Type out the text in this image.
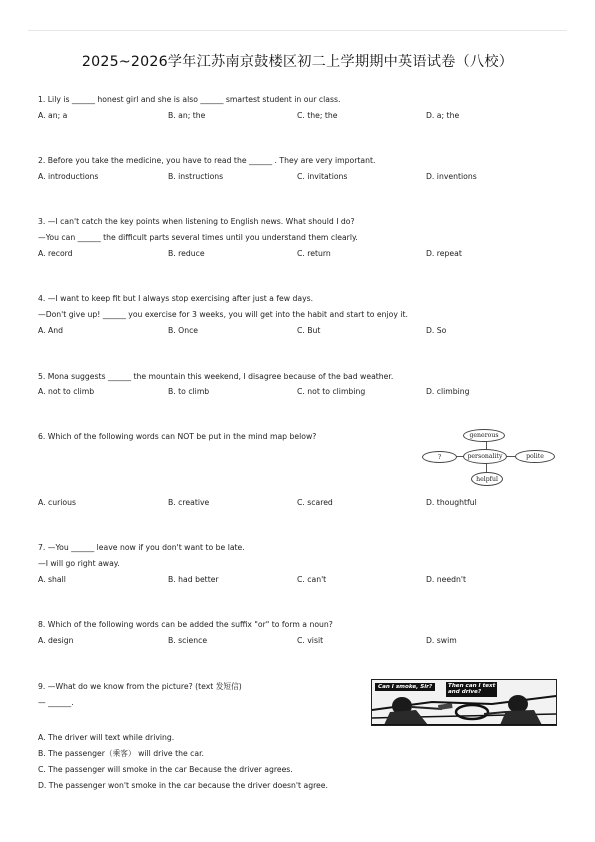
2025~2026学年江苏南京鼓楼区初二上学期期中英语试卷（八校）
1. Lily is ______ honest girl and she is also ______ smartest student in our class.
A. an; a	B. an; the	C. the; the	D. a; the
2. Before you take the medicine, you have to read the ______ . They are very important.
A. introductions	B. instructions	C. invitations	D. inventions
3. —I can't catch the key points when listening to English news. What should I do?
—You can ______ the difficult parts several times until you understand them clearly.
A. record	B. reduce	C. return	D. repeat
4. —I want to keep fit but I always stop exercising after just a few days.
—Don't give up! ______ you exercise for 3 weeks, you will get into the habit and start to enjoy it.
A. And	B. Once	C. But	D. So
5. Mona suggests ______ the mountain this weekend, I disagree because of the bad weather.
A. not to climb	B. to climb	C. not to climbing	D. climbing
6. Which of the following words can NOT be put in the mind map below?	generous
personality	polite
helpful
?
A. curious	B. creative	C. scared	D. thoughtful
7. —You ______ leave now if you don't want to be late.
—I will go right away.
A. shall	B. had better	C. can't	D. needn't
8. Which of the following words can be added the suffix "or" to form a noun?
A. design	B. science	C. visit	D. swim
9. —What do we know from the picture? (text 发短信)
— ______.
Can I smoke, Sir?	Then can I text
and drive?
A. The driver will text while driving.
B. The passenger（乘客） will drive the car.
C. The passenger will smoke in the car Because the driver agrees.
D. The passenger won't smoke in the car because the driver doesn't agree.
